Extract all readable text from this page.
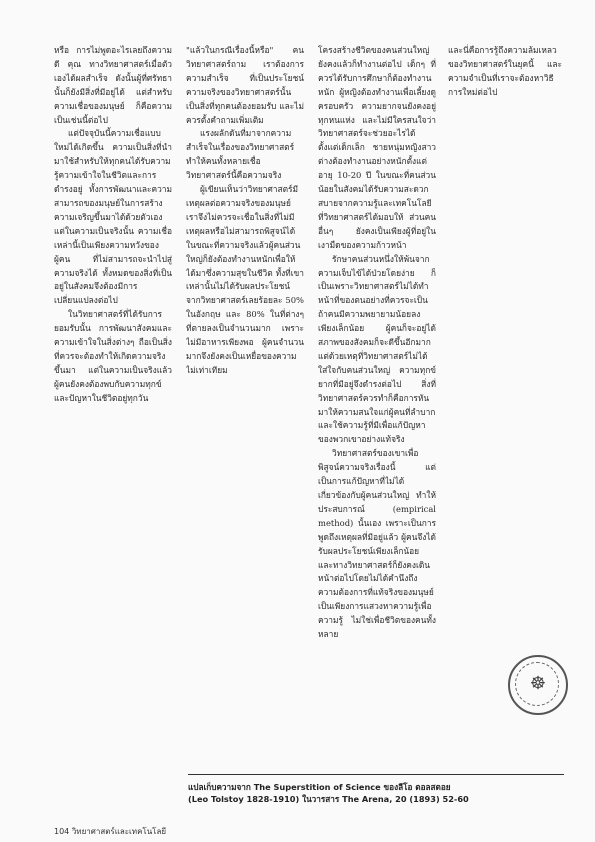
หรือ การไม่พูดอะไรเลยถึงความดี คุณ ทางวิทยาศาสตร์เมื่อตัวเองได้ผลสำเร็จ ดังนั้นผู้ที่ศรัทธานั้นก็ยังมีสิ่งที่มีอยู่ได้ แต่สำหรับความเชื่อของมนุษย์ ก็คือความเป็นเช่นนี้ต่อไป

แต่ปัจจุบันนี้ความเชื่อแบบใหม่ได้เกิดขึ้น ความเป็นสิ่งที่นำมาใช้สำหรับให้ทุกคนได้รับความรู้ความเข้าใจในชีวิตและการดำรงอยู่ ทั้งการพัฒนาและความสามารถของมนุษย์ในการสร้างความเจริญขึ้นมาได้ด้วยตัวเองแต่ในความเป็นจริงนั้น ความเชื่อเหล่านี้เป็นเพียงความหวังของผู้คน ที่ไม่สามารถจะนำไปสู่ความจริงได้ ทั้งหมดของสิ่งที่เป็นอยู่ในสังคมจึงต้องมีการเปลี่ยนแปลงต่อไป

ในวิทยาศาสตร์ที่ได้รับการยอมรับนั้น การพัฒนาสังคมและความเข้าใจในสิ่งต่างๆ ถือเป็นสิ่งที่ควรจะต้องทำให้เกิดความจริงขึ้นมา แต่ในความเป็นจริงแล้วผู้คนยังคงต้องพบกับความทุกข์และปัญหาในชีวิตอยู่ทุกวัน

"แล้วในกรณีเรื่องนี้หรือ" คน วิทยาศาสตร์ถาม เราต้องการความสำเร็จ ที่เป็นประโยชน์ ความจริงของวิทยาศาสตร์นั้นเป็นสิ่งที่ทุกคนต้องยอมรับ และไม่ควรตั้งคำถามเพิ่มเติม

แรงผลักดันที่มาจากความสำเร็จในเรื่องของวิทยาศาสตร์ทำให้คนทั้งหลายเชื่อ วิทยาศาสตร์นี้คือความจริง

ผู้เขียนเห็นว่าวิทยาศาสตร์มีเหตุผลต่อความจริงของมนุษย์ เราจึงไม่ควรจะเชื่อในสิ่งที่ไม่มีเหตุผลหรือไม่สามารถพิสูจน์ได้ ในขณะที่ความจริงแล้วผู้คนส่วนใหญ่ก็ยังต้องทำงานหนักเพื่อให้ได้มาซึ่งความสุขในชีวิต ทั้งที่เขาเหล่านั้นไม่ได้รับผลประโยชน์จากวิทยาศาสตร์เลยร้อยละ 50% ในอังกฤษ และ 80% ในที่ต่างๆ ที่ตายลงเป็นจำนวนมาก เพราะไม่มีอาหารเพียงพอ ผู้คนจำนวนมากจึงยังคงเป็นเหยื่อของความไม่เท่าเทียม

โครงสร้างชีวิตของคนส่วนใหญ่ยังคงแล้วก็ทำงานต่อไป เด็กๆ ที่ควรได้รับการศึกษาก็ต้องทำงานหนัก ผู้หญิงต้องทำงานเพื่อเลี้ยงดูครอบครัว ความยากจนยังคงอยู่ทุกหนแห่ง และไม่มีใครสนใจว่าวิทยาศาสตร์จะช่วยอะไรได้ ตั้งแต่เด็กเล็ก ชายหนุ่มหญิงสาว ต่างต้องทำงานอย่างหนักตั้งแต่อายุ 10-20 ปี ในขณะที่คนส่วนน้อยในสังคมได้รับความสะดวกสบายจากความรู้และเทคโนโลยีที่วิทยาศาสตร์ได้มอบให้ ส่วนคนอื่นๆ ยังคงเป็นเพียงผู้ที่อยู่ในเงามืดของความก้าวหน้า

รักษาคนส่วนหนึ่งให้พ้นจากความเจ็บไข้ได้ป่วยโดยง่าย ก็เป็นเพราะวิทยาศาสตร์ไม่ได้ทำหน้าที่ของตนอย่างที่ควรจะเป็น ถ้าคนมีความพยายามน้อยลงเพียงเล็กน้อย ผู้คนก็จะอยู่ได้ สภาพของสังคมก็จะดีขึ้นอีกมาก แต่ด้วยเหตุที่วิทยาศาสตร์ไม่ได้ใส่ใจกับคนส่วนใหญ่ ความทุกข์ยากที่มีอยู่จึงดำรงต่อไป สิ่งที่วิทยาศาสตร์ควรทำก็คือการหันมาให้ความสนใจแก่ผู้คนที่ลำบาก และใช้ความรู้ที่มีเพื่อแก้ปัญหาของพวกเขาอย่างแท้จริง

วิทยาศาสตร์ของเขาเพื่อพิสูจน์ความจริงเรื่องนี้ แต่เป็นการแก้ปัญหาที่ไม่ได้เกี่ยวข้องกับผู้คนส่วนใหญ่ ทำให้ประสบการณ์ (empirical method) นั้นเอง เพราะเป็นการพูดถึงเหตุผลที่มีอยู่แล้ว ผู้คนจึงได้รับผลประโยชน์เพียงเล็กน้อย และทางวิทยาศาสตร์ก็ยังคงเดินหน้าต่อไปโดยไม่ได้คำนึงถึงความต้องการที่แท้จริงของมนุษย์ เป็นเพียงการแสวงหาความรู้เพื่อความรู้ ไม่ใช่เพื่อชีวิตของคนทั้งหลาย

และนี่คือการรู้ถึงความล้มเหลวของวิทยาศาสตร์ในยุคนี้ และความจำเป็นที่เราจะต้องหาวิธีการใหม่ต่อไป

☸
แปลเก็บความจาก The Superstition of Science ของลีโอ ตอลสตอย
(Leo Tolstoy 1828-1910) ในวารสาร The Arena, 20 (1893) 52-60
104 วิทยาศาสตร์และเทคโนโลยี
